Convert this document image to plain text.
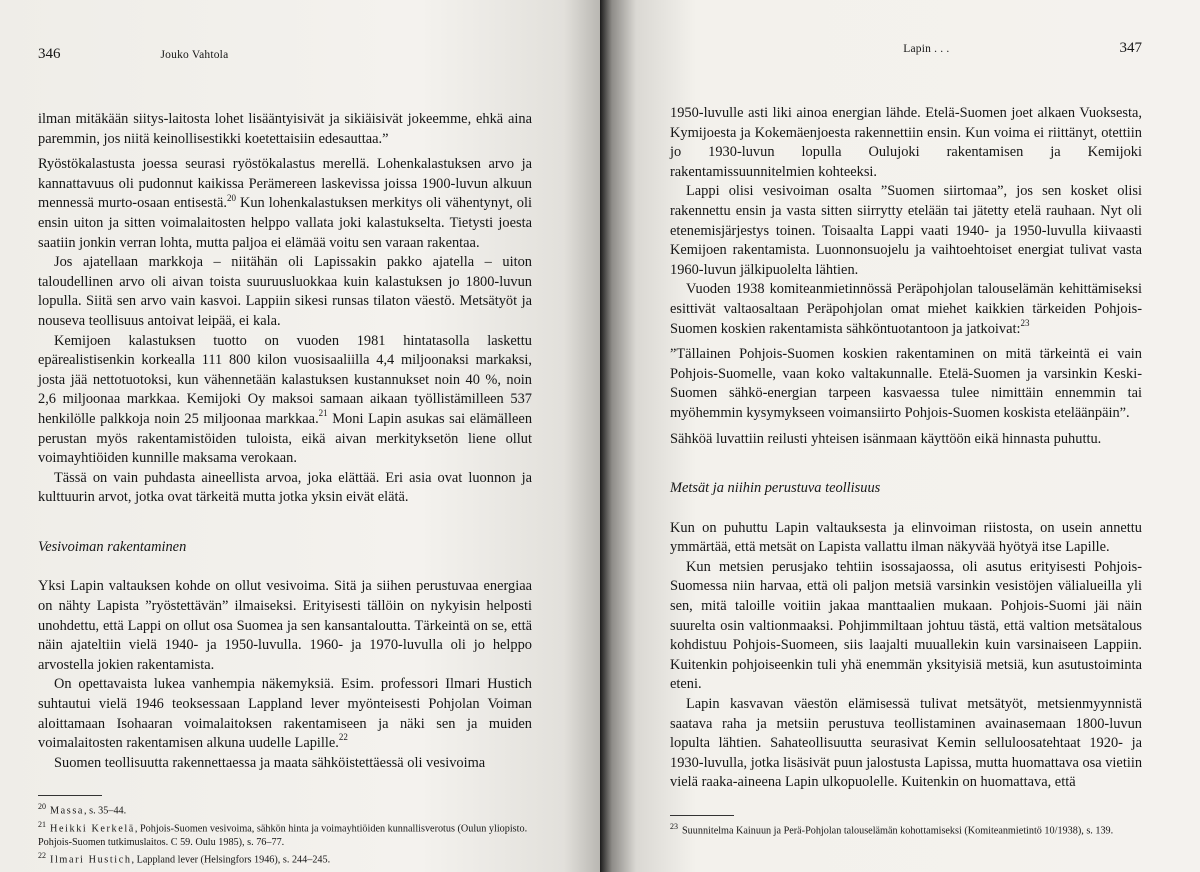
346	Jouko Vahtola

ilman mitäkään siitys-laitosta lohet lisääntyisivät ja sikiäisivät jokeemme, ehkä aina paremmin, jos niitä keinollisestikki koetettaisiin edesauttaa.”

Ryöstökalastusta joessa seurasi ryöstökalastus merellä. Lohenkalastuksen arvo ja kannattavuus oli pudonnut kaikissa Perämereen laskevissa joissa 1900-luvun alkuun mennessä murto-osaan entisestä.$^{20}$ Kun lohenkalastuksen merkitys oli vähentynyt, oli ensin uiton ja sitten voimalaitosten helppo vallata joki kalastukselta. Tietysti joesta saatiin jonkin verran lohta, mutta paljoa ei elämää voitu sen varaan rakentaa.

Jos ajatellaan markkoja – niitähän oli Lapissakin pakko ajatella – uiton taloudellinen arvo oli aivan toista suuruusluokkaa kuin kalastuksen jo 1800-luvun lopulla. Siitä sen arvo vain kasvoi. Lappiin sikesi runsas tilaton väestö. Metsätyöt ja nouseva teollisuus antoivat leipää, ei kala.

Kemijoen kalastuksen tuotto on vuoden 1981 hintatasolla laskettu epärealistisenkin korkealla 111 800 kilon vuosisaaliilla 4,4 miljoonaksi markaksi, josta jää nettotuotoksi, kun vähennetään kalastuksen kustannukset noin 40 %, noin 2,6 miljoonaa markkaa. Kemijoki Oy maksoi samaan aikaan työllistämilleen 537 henkilölle palkkoja noin 25 miljoonaa markkaa.$^{21}$ Moni Lapin asukas sai elämälleen perustan myös rakentamistöiden tuloista, eikä aivan merkityksetön liene ollut voimayhtiöiden kunnille maksama verokaan.

Tässä on vain puhdasta aineellista arvoa, joka elättää. Eri asia ovat luonnon ja kulttuurin arvot, jotka ovat tärkeitä mutta jotka yksin eivät elätä.

Vesivoiman rakentaminen

Yksi Lapin valtauksen kohde on ollut vesivoima. Sitä ja siihen perustuvaa energiaa on nähty Lapista ”ryöstettävän” ilmaiseksi. Erityisesti tällöin on nykyisin helposti unohdettu, että Lappi on ollut osa Suomea ja sen kansantaloutta. Tärkeintä on se, että näin ajateltiin vielä 1940- ja 1950-luvulla. 1960- ja 1970-luvulla oli jo helppo arvostella jokien rakentamista.

On opettavaista lukea vanhempia näkemyksiä. Esim. professori Ilmari Hustich suhtautui vielä 1946 teoksessaan Lappland lever myönteisesti Pohjolan Voiman aloittamaan Isohaaran voimalaitoksen rakentamiseen ja näki sen ja muiden voimalaitosten rakentamisen alkuna uudelle Lapille.$^{22}$

Suomen teollisuutta rakennettaessa ja maata sähköistettäessä oli vesivoima

$^{20}$ Massa, s. 35–44.

$^{21}$ Heikki Kerkelä, Pohjois-Suomen vesivoima, sähkön hinta ja voimayhtiöiden kunnallisverotus (Oulun yliopisto. Pohjois-Suomen tutkimuslaitos. C 59. Oulu 1985), s. 76–77.

$^{22}$ Ilmari Hustich, Lappland lever (Helsingfors 1946), s. 244–245.

Lapin . . .	347

1950-luvulle asti liki ainoa energian lähde. Etelä-Suomen joet alkaen Vuoksesta, Kymijoesta ja Kokemäenjoesta rakennettiin ensin. Kun voima ei riittänyt, otettiin jo 1930-luvun lopulla Oulujoki rakentamisen ja Kemijoki rakentamissuunnitelmien kohteeksi.

Lappi olisi vesivoiman osalta ”Suomen siirtomaa”, jos sen kosket olisi rakennettu ensin ja vasta sitten siirrytty etelään tai jätetty etelä rauhaan. Nyt oli etenemisjärjestys toinen. Toisaalta Lappi vaati 1940- ja 1950-luvulla kiivaasti Kemijoen rakentamista. Luonnonsuojelu ja vaihtoehtoiset energiat tulivat vasta 1960-luvun jälkipuolelta lähtien.

Vuoden 1938 komiteanmietinnössä Peräpohjolan talouselämän kehittämiseksi esittivät valtaosaltaan Peräpohjolan omat miehet kaikkien tärkeiden Pohjois-Suomen koskien rakentamista sähköntuotantoon ja jatkoivat:$^{23}$

”Tällainen Pohjois-Suomen koskien rakentaminen on mitä tärkeintä ei vain Pohjois-Suomelle, vaan koko valtakunnalle. Etelä-Suomen ja varsinkin Keski-Suomen sähkö-energian tarpeen kasvaessa tulee nimittäin ennemmin tai myöhemmin kysymykseen voimansiirto Pohjois-Suomen koskista eteläänpäin”.

Sähköä luvattiin reilusti yhteisen isänmaan käyttöön eikä hinnasta puhuttu.

Metsät ja niihin perustuva teollisuus

Kun on puhuttu Lapin valtauksesta ja elinvoiman riistosta, on usein annettu ymmärtää, että metsät on Lapista vallattu ilman näkyvää hyötyä itse Lapille.

Kun metsien perusjako tehtiin isossajaossa, oli asutus erityisesti Pohjois-Suomessa niin harvaa, että oli paljon metsiä varsinkin vesistöjen välialueilla yli sen, mitä taloille voitiin jakaa manttaalien mukaan. Pohjois-Suomi jäi näin suurelta osin valtionmaaksi. Pohjimmiltaan johtuu tästä, että valtion metsätalous kohdistuu Pohjois-Suomeen, siis laajalti muuallekin kuin varsinaiseen Lappiin. Kuitenkin pohjoiseenkin tuli yhä enemmän yksityisiä metsiä, kun asutustoiminta eteni.

Lapin kasvavan väestön elämisessä tulivat metsätyöt, metsienmyynnistä saatava raha ja metsiin perustuva teollistaminen avainasemaan 1800-luvun lopulta lähtien. Sahateollisuutta seurasivat Kemin selluloosatehtaat 1920- ja 1930-luvulla, jotka lisäsivät puun jalostusta Lapissa, mutta huomattava osa vietiin vielä raaka-aineena Lapin ulkopuolelle. Kuitenkin on huomattava, että

$^{23}$ Suunnitelma Kainuun ja Perä-Pohjolan talouselämän kohottamiseksi (Komiteanmietintö 10/1938), s. 139.
